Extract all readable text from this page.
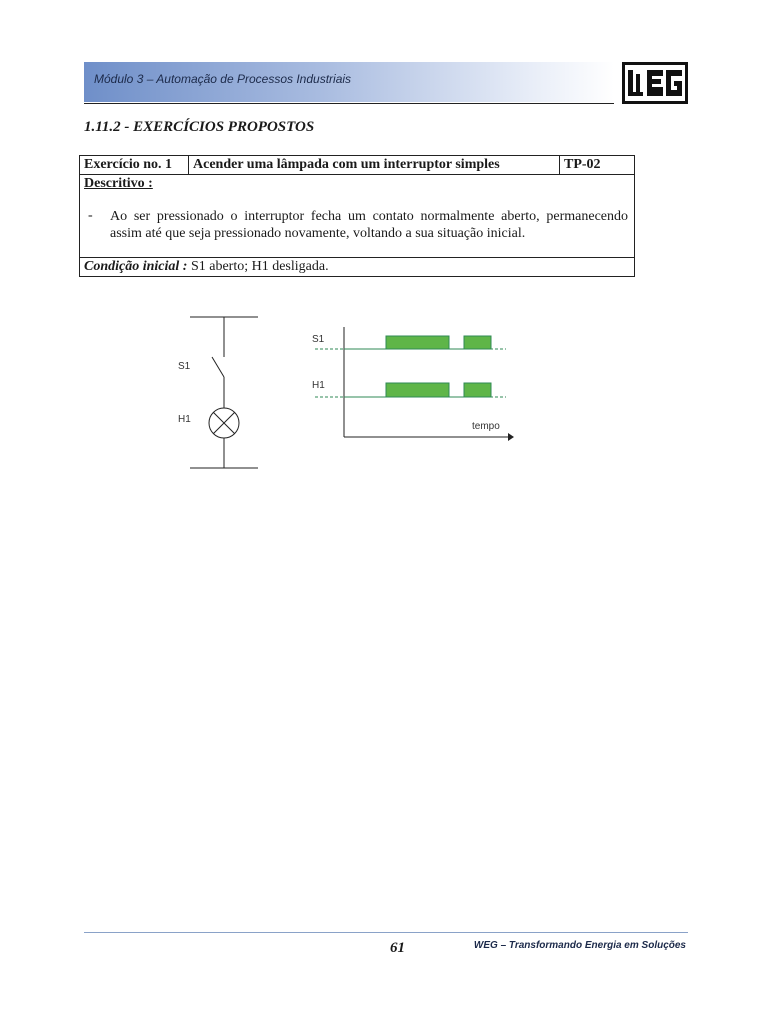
Módulo 3 – Automação de Processos Industriais
1.11.2 - EXERCÍCIOS PROPOSTOS
Exercício no. 1	Acender uma lâmpada com um interruptor simples	TP-02

Descritivo :
-	Ao ser pressionado o interruptor fecha um contato normalmente aberto, permanecendo assim até que seja pressionado novamente, voltando a sua situação inicial.

Condição inicial : S1 aberto; H1 desligada.
S1
H1
S1
H1
tempo
61	WEG – Transformando Energia em Soluções
